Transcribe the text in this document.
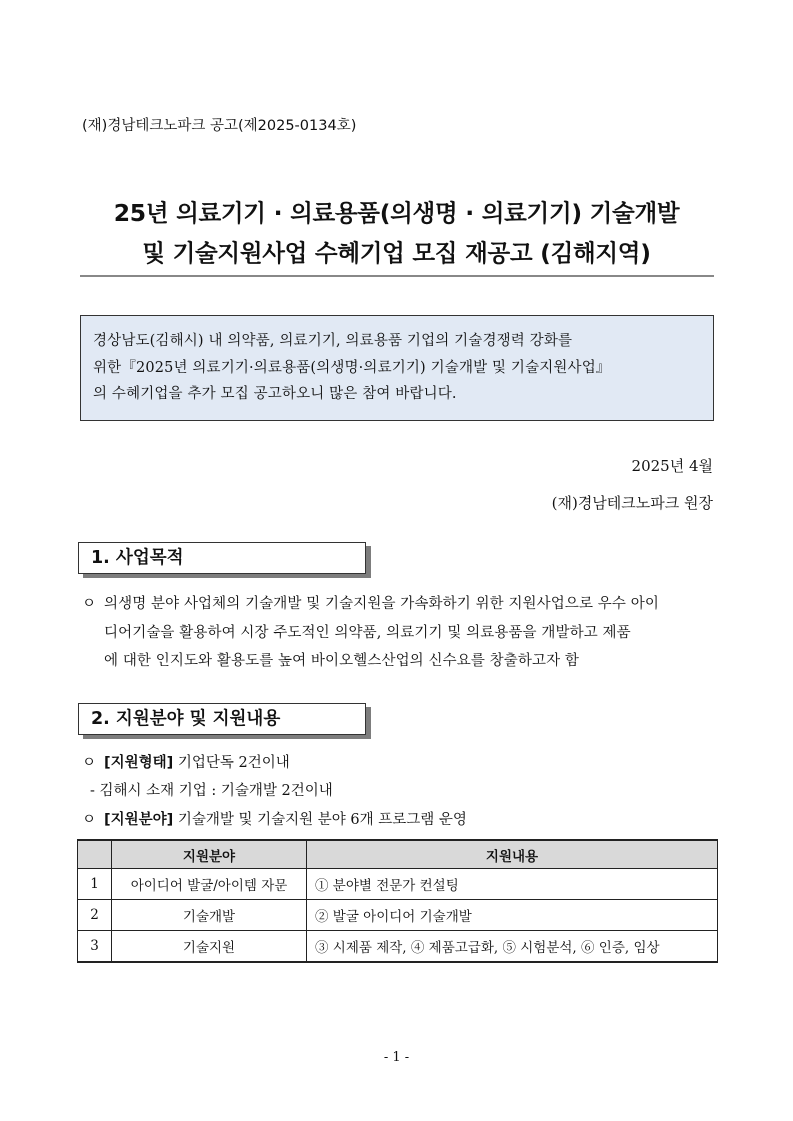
(재)경남테크노파크 공고(제2025-0134호)
25년 의료기기 · 의료용품(의생명 · 의료기기) 기술개발
및 기술지원사업 수혜기업 모집 재공고 (김해지역)
경상남도(김해시) 내 의약품, 의료기기, 의료용품 기업의 기술경쟁력 강화를
위한『2025년 의료기기·의료용품(의생명·의료기기) 기술개발 및 기술지원사업』
의 수혜기업을 추가 모집 공고하오니 많은 참여 바랍니다.
2025년 4월
(재)경남테크노파크 원장
1. 사업목적
ㅇ 의생명 분야 사업체의 기술개발 및 기술지원을 가속화하기 위한 지원사업으로 우수 아이
디어기술을 활용하여 시장 주도적인 의약품, 의료기기 및 의료용품을 개발하고 제품
에 대한 인지도와 활용도를 높여 바이오헬스산업의 신수요를 창출하고자 함
2. 지원분야 및 지원내용
ㅇ [지원형태] 기업단독 2건이내
- 김해시 소재 기업 : 기술개발 2건이내
ㅇ [지원분야] 기술개발 및 기술지원 분야 6개 프로그램 운영
	지원분야	지원내용
1	아이디어 발굴/아이템 자문	① 분야별 전문가 컨설팅
2	기술개발	② 발굴 아이디어 기술개발
3	기술지원	③ 시제품 제작, ④ 제품고급화, ⑤ 시험분석, ⑥ 인증, 임상
- 1 -
